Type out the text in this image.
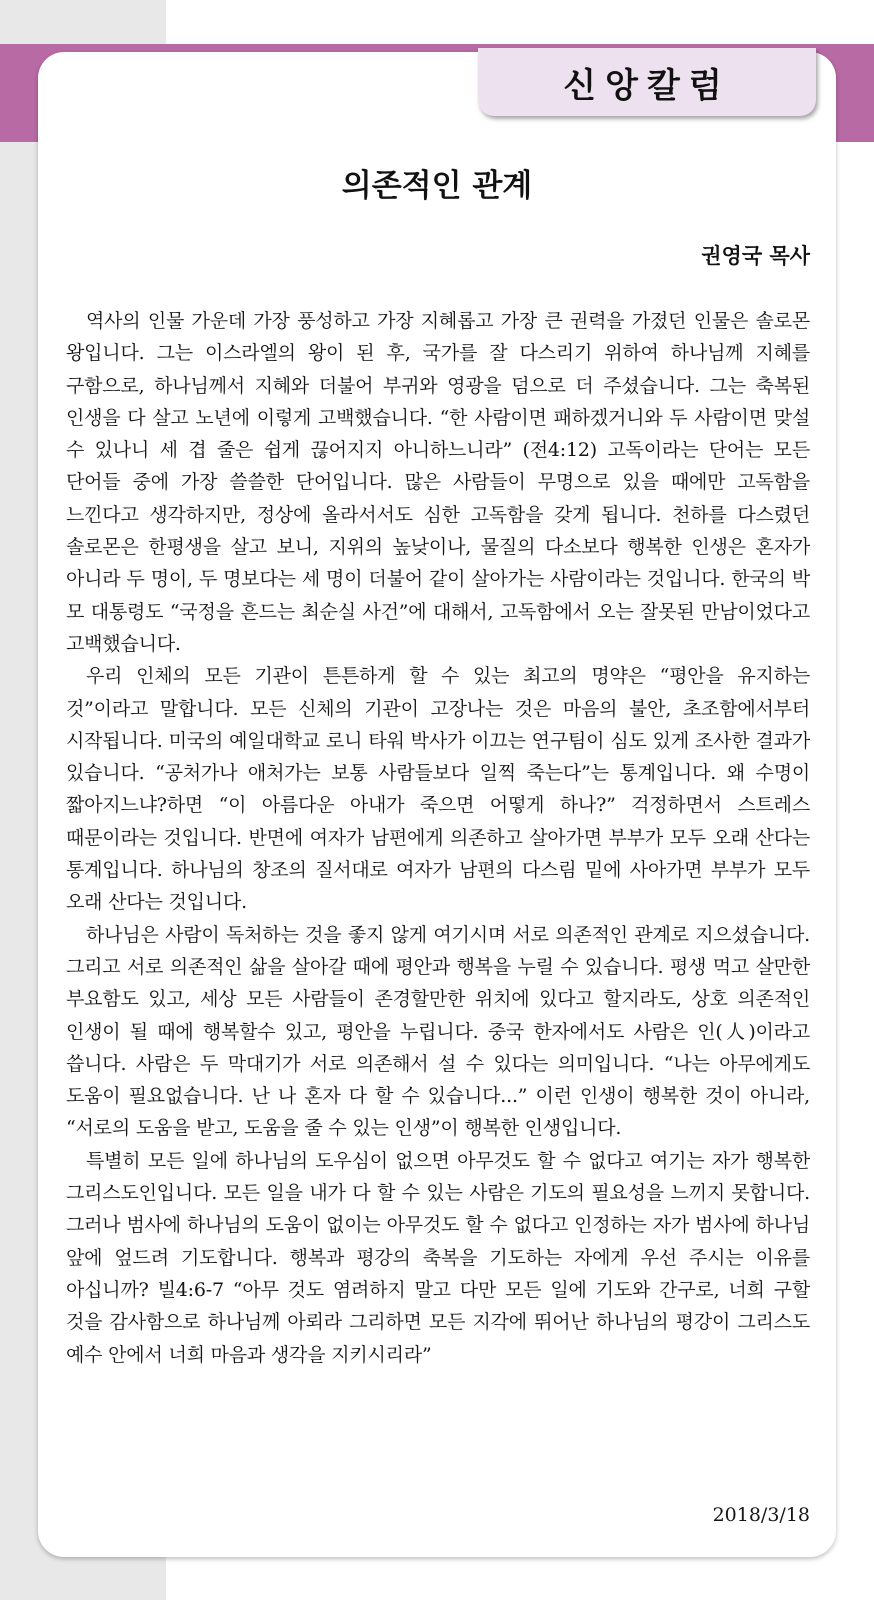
신앙칼럼
의존적인 관계
권영국 목사

역사의 인물 가운데 가장 풍성하고 가장 지혜롭고 가장 큰 권력을 가졌던 인물은 솔로몬 왕입니다. 그는 이스라엘의 왕이 된 후, 국가를 잘 다스리기 위하여 하나님께 지혜를 구함으로, 하나님께서 지혜와 더불어 부귀와 영광을 덤으로 더 주셨습니다. 그는 축복된 인생을 다 살고 노년에 이렇게 고백했습니다. “한 사람이면 패하겠거니와 두 사람이면 맞설 수 있나니 세 겹 줄은 쉽게 끊어지지 아니하느니라” (전4:12) 고독이라는 단어는 모든 단어들 중에 가장 쓸쓸한 단어입니다. 많은 사람들이 무명으로 있을 때에만 고독함을 느낀다고 생각하지만, 정상에 올라서서도 심한 고독함을 갖게 됩니다. 천하를 다스렸던 솔로몬은 한평생을 살고 보니, 지위의 높낮이나, 물질의 다소보다 행복한 인생은 혼자가 아니라 두 명이, 두 명보다는 세 명이 더불어 같이 살아가는 사람이라는 것입니다. 한국의 박 모 대통령도 “국정을 흔드는 최순실 사건”에 대해서, 고독함에서 오는 잘못된 만남이었다고 고백했습니다.

우리 인체의 모든 기관이 튼튼하게 할 수 있는 최고의 명약은 “평안을 유지하는 것”이라고 말합니다. 모든 신체의 기관이 고장나는 것은 마음의 불안, 초조함에서부터 시작됩니다. 미국의 예일대학교 로니 타워 박사가 이끄는 연구팀이 심도 있게 조사한 결과가 있습니다. “공처가나 애처가는 보통 사람들보다 일찍 죽는다”는 통계입니다. 왜 수명이 짧아지느냐?하면 “이 아름다운 아내가 죽으면 어떻게 하나?” 걱정하면서 스트레스 때문이라는 것입니다. 반면에 여자가 남편에게 의존하고 살아가면 부부가 모두 오래 산다는 통계입니다. 하나님의 창조의 질서대로 여자가 남편의 다스림 밑에 사아가면 부부가 모두 오래 산다는 것입니다.

하나님은 사람이 독처하는 것을 좋지 않게 여기시며 서로 의존적인 관계로 지으셨습니다. 그리고 서로 의존적인 삶을 살아갈 때에 평안과 행복을 누릴 수 있습니다. 평생 먹고 살만한 부요함도 있고, 세상 모든 사람들이 존경할만한 위치에 있다고 할지라도, 상호 의존적인 인생이 될 때에 행복할수 있고, 평안을 누립니다. 중국 한자에서도 사람은 인(人)이라고 씁니다. 사람은 두 막대기가 서로 의존해서 설 수 있다는 의미입니다. “나는 아무에게도 도움이 필요없습니다. 난 나 혼자 다 할 수 있습니다...” 이런 인생이 행복한 것이 아니라, “서로의 도움을 받고, 도움을 줄 수 있는 인생”이 행복한 인생입니다.

특별히 모든 일에 하나님의 도우심이 없으면 아무것도 할 수 없다고 여기는 자가 행복한 그리스도인입니다. 모든 일을 내가 다 할 수 있는 사람은 기도의 필요성을 느끼지 못합니다. 그러나 범사에 하나님의 도움이 없이는 아무것도 할 수 없다고 인정하는 자가 범사에 하나님 앞에 엎드려 기도합니다. 행복과 평강의 축복을 기도하는 자에게 우선 주시는 이유를 아십니까? 빌4:6-7 “아무 것도 염려하지 말고 다만 모든 일에 기도와 간구로, 너희 구할 것을 감사함으로 하나님께 아뢰라 그리하면 모든 지각에 뛰어난 하나님의 평강이 그리스도 예수 안에서 너희 마음과 생각을 지키시리라”

2018/3/18
